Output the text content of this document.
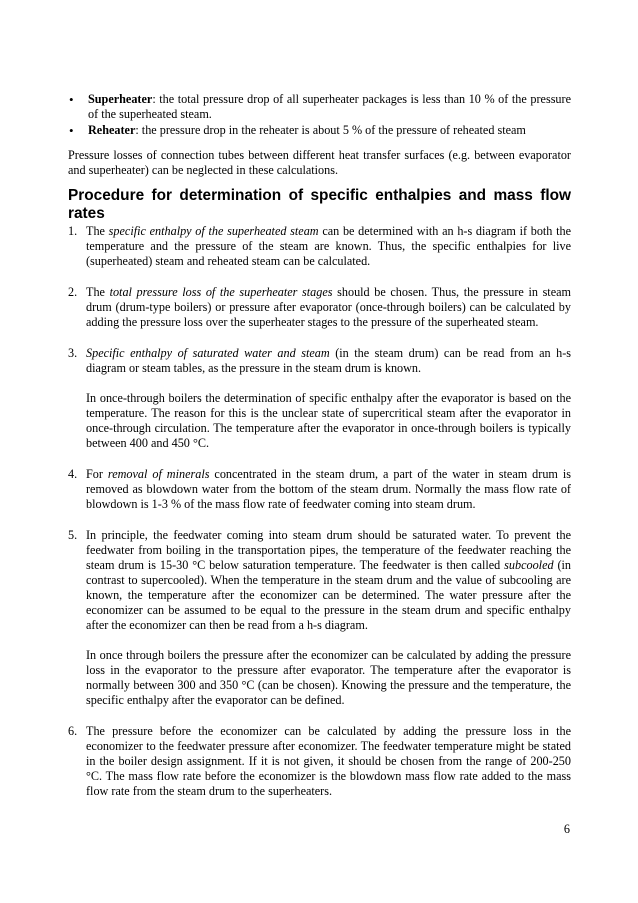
• Superheater: the total pressure drop of all superheater packages is less than 10 % of the pressure of the superheated steam.
• Reheater: the pressure drop in the reheater is about 5 % of the pressure of reheated steam

Pressure losses of connection tubes between different heat transfer surfaces (e.g. between evaporator and superheater) can be neglected in these calculations.

Procedure for determination of specific enthalpies and mass flow rates
1. The specific enthalpy of the superheated steam can be determined with an h-s diagram if both the temperature and the pressure of the steam are known. Thus, the specific enthalpies for live (superheated) steam and reheated steam can be calculated.

2. The total pressure loss of the superheater stages should be chosen. Thus, the pressure in steam drum (drum-type boilers) or pressure after evaporator (once-through boilers) can be calculated by adding the pressure loss over the superheater stages to the pressure of the superheated steam.

3. Specific enthalpy of saturated water and steam (in the steam drum) can be read from an h-s diagram or steam tables, as the pressure in the steam drum is known.

In once-through boilers the determination of specific enthalpy after the evaporator is based on the temperature. The reason for this is the unclear state of supercritical steam after the evaporator in once-through circulation. The temperature after the evaporator in once-through boilers is typically between 400 and 450 °C.

4. For removal of minerals concentrated in the steam drum, a part of the water in steam drum is removed as blowdown water from the bottom of the steam drum. Normally the mass flow rate of blowdown is 1-3 % of the mass flow rate of feedwater coming into steam drum.

5. In principle, the feedwater coming into steam drum should be saturated water. To prevent the feedwater from boiling in the transportation pipes, the temperature of the feedwater reaching the steam drum is 15-30 °C below saturation temperature. The feedwater is then called subcooled (in contrast to supercooled). When the temperature in the steam drum and the value of subcooling are known, the temperature after the economizer can be determined. The water pressure after the economizer can be assumed to be equal to the pressure in the steam drum and specific enthalpy after the economizer can then be read from a h-s diagram.

In once through boilers the pressure after the economizer can be calculated by adding the pressure loss in the evaporator to the pressure after evaporator. The temperature after the evaporator is normally between 300 and 350 °C (can be chosen). Knowing the pressure and the temperature, the specific enthalpy after the evaporator can be defined.

6. The pressure before the economizer can be calculated by adding the pressure loss in the economizer to the feedwater pressure after economizer. The feedwater temperature might be stated in the boiler design assignment. If it is not given, it should be chosen from the range of 200-250 °C. The mass flow rate before the economizer is the blowdown mass flow rate added to the mass flow rate from the steam drum to the superheaters.

6
